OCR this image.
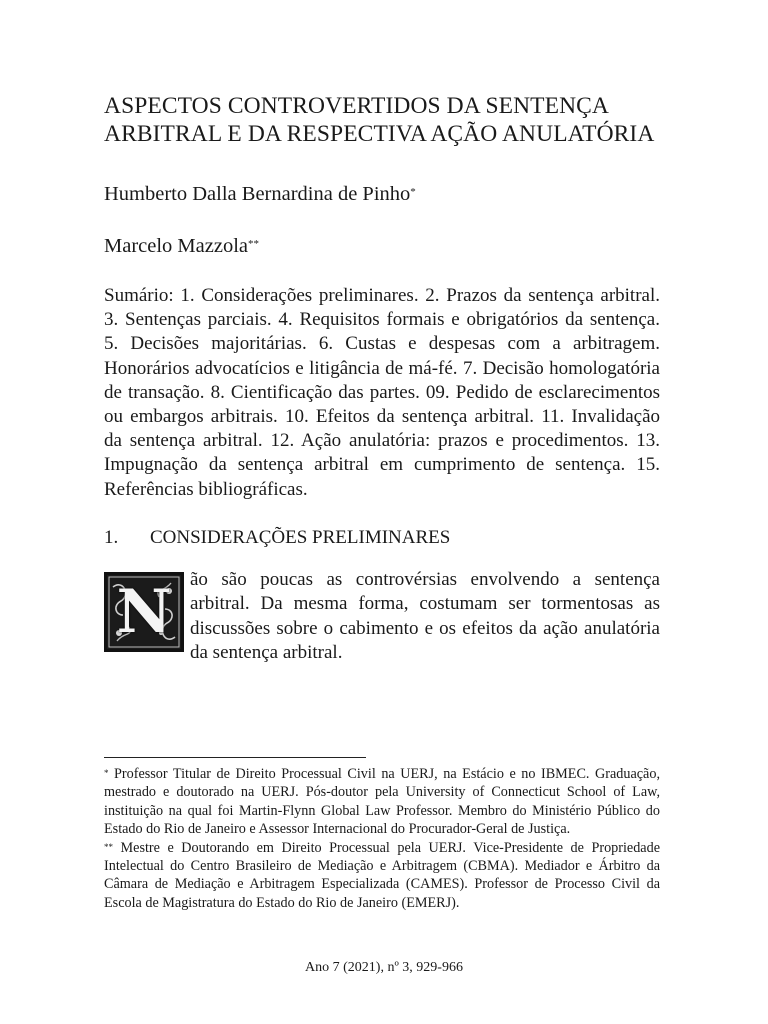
ASPECTOS CONTROVERTIDOS DA SENTENÇA ARBITRAL E DA RESPECTIVA AÇÃO ANULATÓRIA

Humberto Dalla Bernardina de Pinho*

Marcelo Mazzola**

Sumário: 1. Considerações preliminares. 2. Prazos da sentença arbitral. 3. Sentenças parciais. 4. Requisitos formais e obrigatórios da sentença. 5. Decisões majoritárias. 6. Custas e despesas com a arbitragem. Honorários advocatícios e litigância de má-fé. 7. Decisão homologatória de transação. 8. Cientificação das partes. 09. Pedido de esclarecimentos ou embargos arbitrais. 10. Efeitos da sentença arbitral. 11. Invalidação da sentença arbitral. 12. Ação anulatória: prazos e procedimentos. 13. Impugnação da sentença arbitral em cumprimento de sentença. 15. Referências bibliográficas.

1.	CONSIDERAÇÕES PRELIMINARES
N ão são poucas as controvérsias envolvendo a sentença arbitral. Da mesma forma, costumam ser tormentosas as discussões sobre o cabimento e os efeitos da ação anulatória da sentença arbitral.

* Professor Titular de Direito Processual Civil na UERJ, na Estácio e no IBMEC. Graduação, mestrado e doutorado na UERJ. Pós-doutor pela University of Connecticut School of Law, instituição na qual foi Martin-Flynn Global Law Professor. Membro do Ministério Público do Estado do Rio de Janeiro e Assessor Internacional do Procurador-Geral de Justiça.

** Mestre e Doutorando em Direito Processual pela UERJ. Vice-Presidente de Propriedade Intelectual do Centro Brasileiro de Mediação e Arbitragem (CBMA). Mediador e Árbitro da Câmara de Mediação e Arbitragem Especializada (CAMES). Professor de Processo Civil da Escola de Magistratura do Estado do Rio de Janeiro (EMERJ).

Ano 7 (2021), nº 3, 929-966
